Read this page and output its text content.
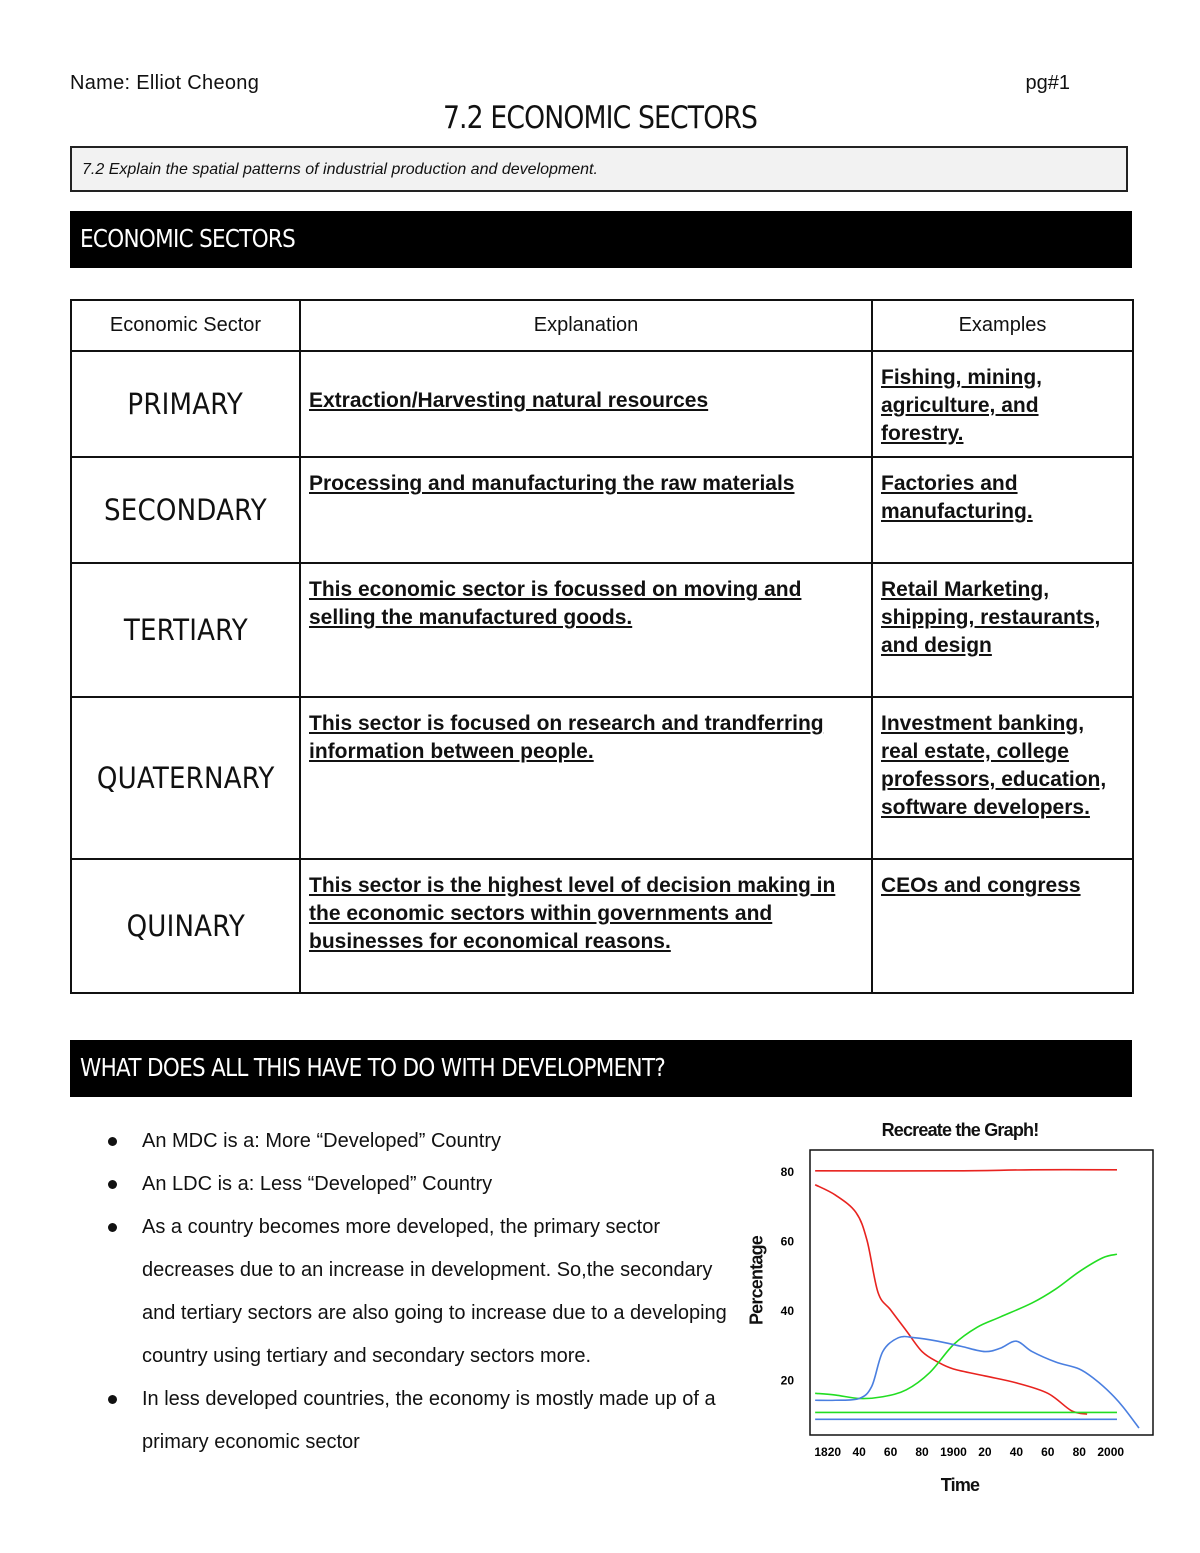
Name: Elliot Cheong	pg#1
7.2 ECONOMIC SECTORS
7.2 Explain the spatial patterns of industrial production and development.
ECONOMIC SECTORS
Economic Sector	Explanation	Examples
PRIMARY	Extraction/Harvesting natural resources	Fishing, mining, agriculture, and forestry.
SECONDARY	Processing and manufacturing the raw materials	Factories and manufacturing.
TERTIARY	This economic sector is focussed on moving and selling the manufactured goods.	Retail Marketing, shipping, restaurants, and design
QUATERNARY	This sector is focused on research and trandferring information between people.	Investment banking, real estate, college professors, education, software developers.
QUINARY	This sector is the highest level of decision making in the economic sectors within governments and businesses for economical reasons.	CEOs and congress
WHAT DOES ALL THIS HAVE TO DO WITH DEVELOPMENT?
An MDC is a: More “Developed” Country
An LDC is a: Less “Developed” Country
As a country becomes more developed, the primary sector decreases due to an increase in development. So,the secondary and tertiary sectors are also going to increase due to a developing country using tertiary and secondary sectors more.
In less developed countries, the economy is mostly made up of a primary economic sector
Recreate the Graph!
Percentage
Time
20
40
60
80
1820 40 60 80 1900 20 40 60 80 2000
